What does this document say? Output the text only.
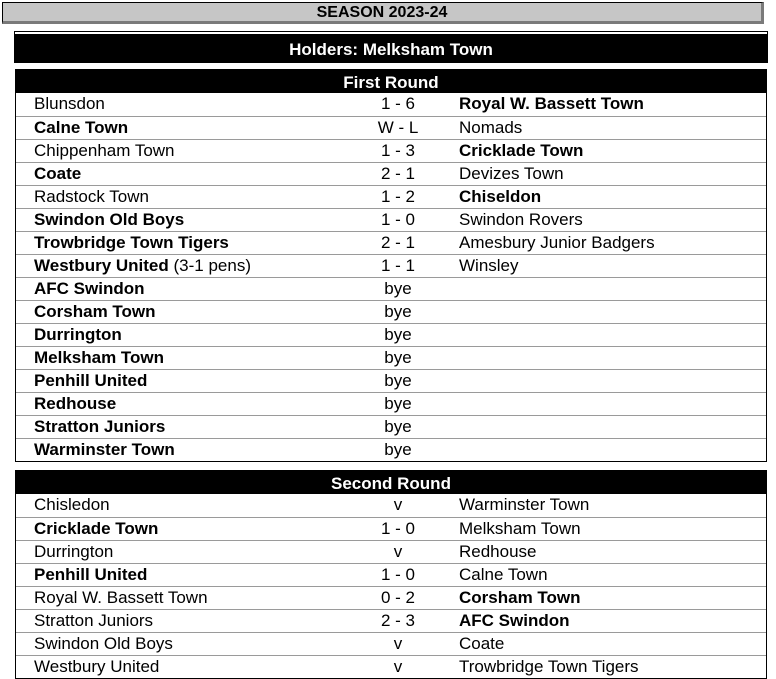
SEASON 2023-24
Holders: Melksham Town
First Round
Blunsdon	1 - 6	Royal W. Bassett Town
Calne Town	W - L	Nomads
Chippenham Town	1 - 3	Cricklade Town
Coate	2 - 1	Devizes Town
Radstock Town	1 - 2	Chiseldon
Swindon Old Boys	1 - 0	Swindon Rovers
Trowbridge Town Tigers	2 - 1	Amesbury Junior Badgers
Westbury United (3-1 pens)	1 - 1	Winsley
AFC Swindon	bye
Corsham Town	bye
Durrington	bye
Melksham Town	bye
Penhill United	bye
Redhouse	bye
Stratton Juniors	bye
Warminster Town	bye
Second Round
Chisledon	v	Warminster Town
Cricklade Town	1 - 0	Melksham Town
Durrington	v	Redhouse
Penhill United	1 - 0	Calne Town
Royal W. Bassett Town	0 - 2	Corsham Town
Stratton Juniors	2 - 3	AFC Swindon
Swindon Old Boys	v	Coate
Westbury United	v	Trowbridge Town Tigers
